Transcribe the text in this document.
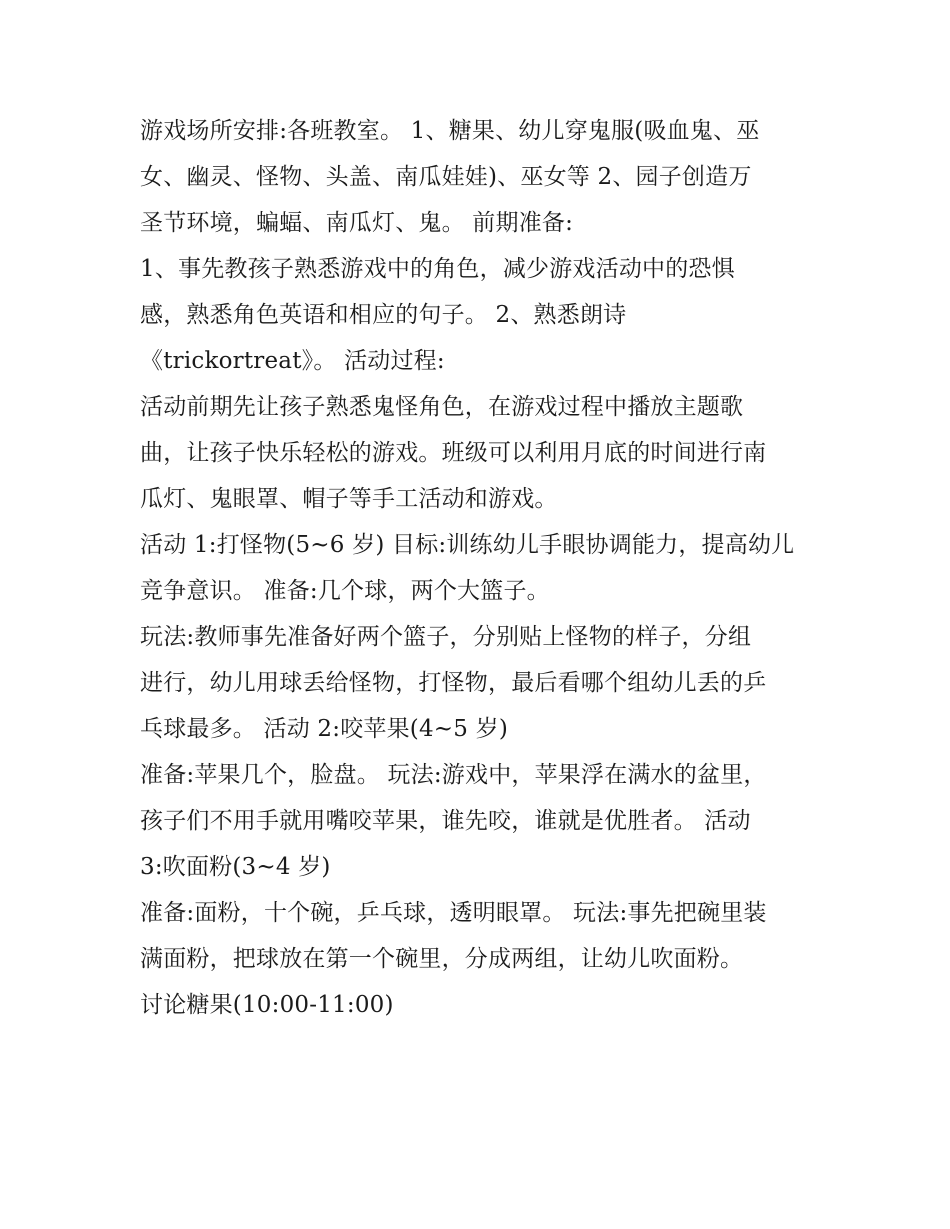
游戏场所安排:各班教室。 1、糖果、幼儿穿鬼服(吸血鬼、巫
女、幽灵、怪物、头盖、南瓜娃娃)、巫女等 2、园子创造万
圣节环境，蝙蝠、南瓜灯、鬼。 前期准备:
1、事先教孩子熟悉游戏中的角色，减少游戏活动中的恐惧
感，熟悉角色英语和相应的句子。 2、熟悉朗诗
《trickortreat》。 活动过程:
活动前期先让孩子熟悉鬼怪角色，在游戏过程中播放主题歌
曲，让孩子快乐轻松的游戏。班级可以利用月底的时间进行南
瓜灯、鬼眼罩、帽子等手工活动和游戏。
活动 1:打怪物(5~6 岁) 目标:训练幼儿手眼协调能力，提高幼儿
竞争意识。 准备:几个球，两个大篮子。
玩法:教师事先准备好两个篮子，分别贴上怪物的样子，分组
进行，幼儿用球丢给怪物，打怪物，最后看哪个组幼儿丢的乒
乓球最多。 活动 2:咬苹果(4~5 岁)
准备:苹果几个，脸盘。 玩法:游戏中，苹果浮在满水的盆里，
孩子们不用手就用嘴咬苹果，谁先咬，谁就是优胜者。 活动
3:吹面粉(3~4 岁)
准备:面粉，十个碗，乒乓球，透明眼罩。 玩法:事先把碗里装
满面粉，把球放在第一个碗里，分成两组，让幼儿吹面粉。
讨论糖果(10:00-11:00)
